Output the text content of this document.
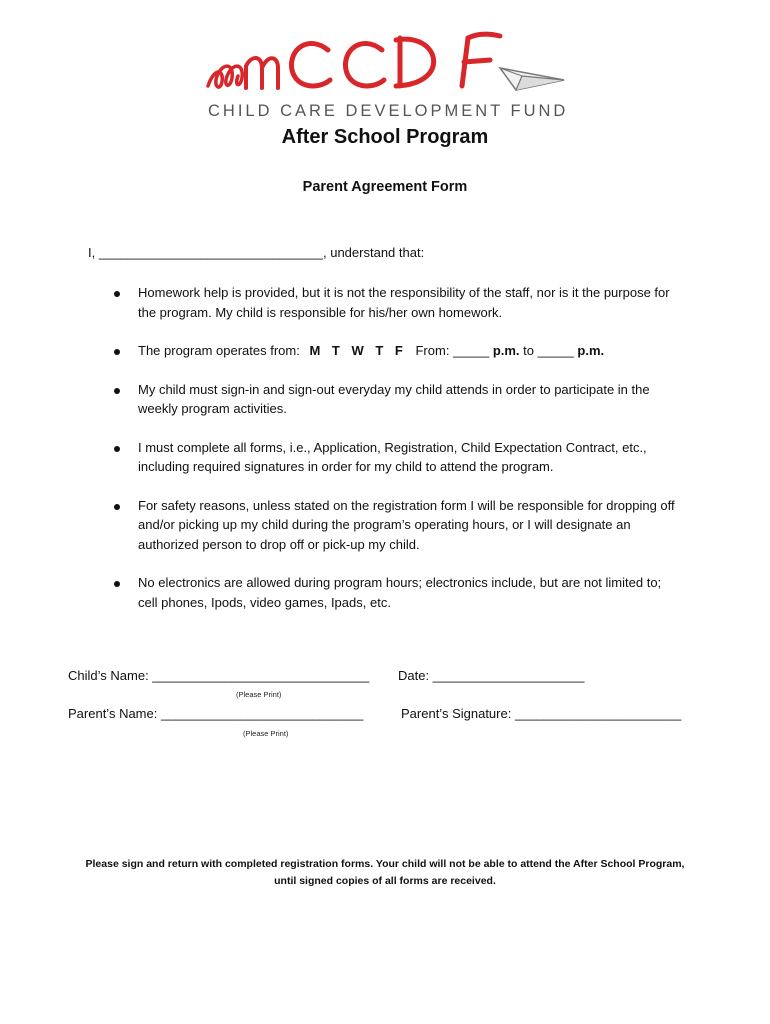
CHILD CARE DEVELOPMENT FUND
After School Program
Parent Agreement Form
I, _______________________________, understand that:
Homework help is provided, but it is not the responsibility of the staff, nor is it the purpose for the program. My child is responsible for his/her own homework.
The program operates from: M T W T F From: _____ p.m. to _____ p.m.
My child must sign-in and sign-out everyday my child attends in order to participate in the weekly program activities.
I must complete all forms, i.e., Application, Registration, Child Expectation Contract, etc., including required signatures in order for my child to attend the program.
For safety reasons, unless stated on the registration form I will be responsible for dropping off and/or picking up my child during the program’s operating hours, or I will designate an authorized person to drop off or pick-up my child.
No electronics are allowed during program hours; electronics include, but are not limited to; cell phones, Ipods, video games, Ipads, etc.
Child’s Name: ______________________________
(Please Print)
Date: _____________________
Parent’s Name: ____________________________
(Please Print)
Parent’s Signature: _______________________
Please sign and return with completed registration forms. Your child will not be able to attend the After School Program,
until signed copies of all forms are received.
